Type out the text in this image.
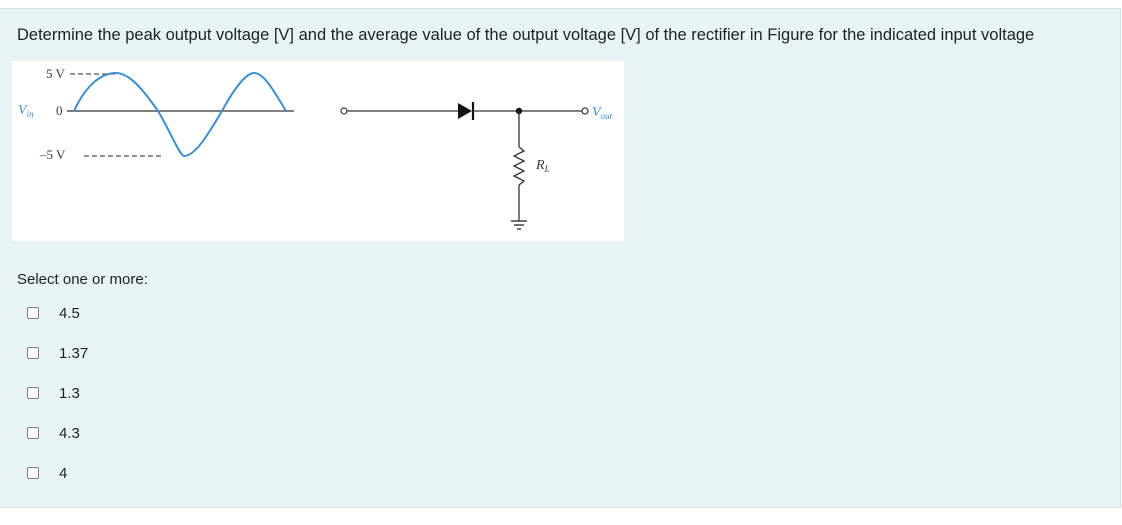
Determine the peak output voltage [V] and the average value of the output voltage [V] of the rectifier in Figure for the indicated input voltage
5 V
Vin 0
–5 V
Vout
RL
Select one or more:
4.5
1.37
1.3
4.3
4
